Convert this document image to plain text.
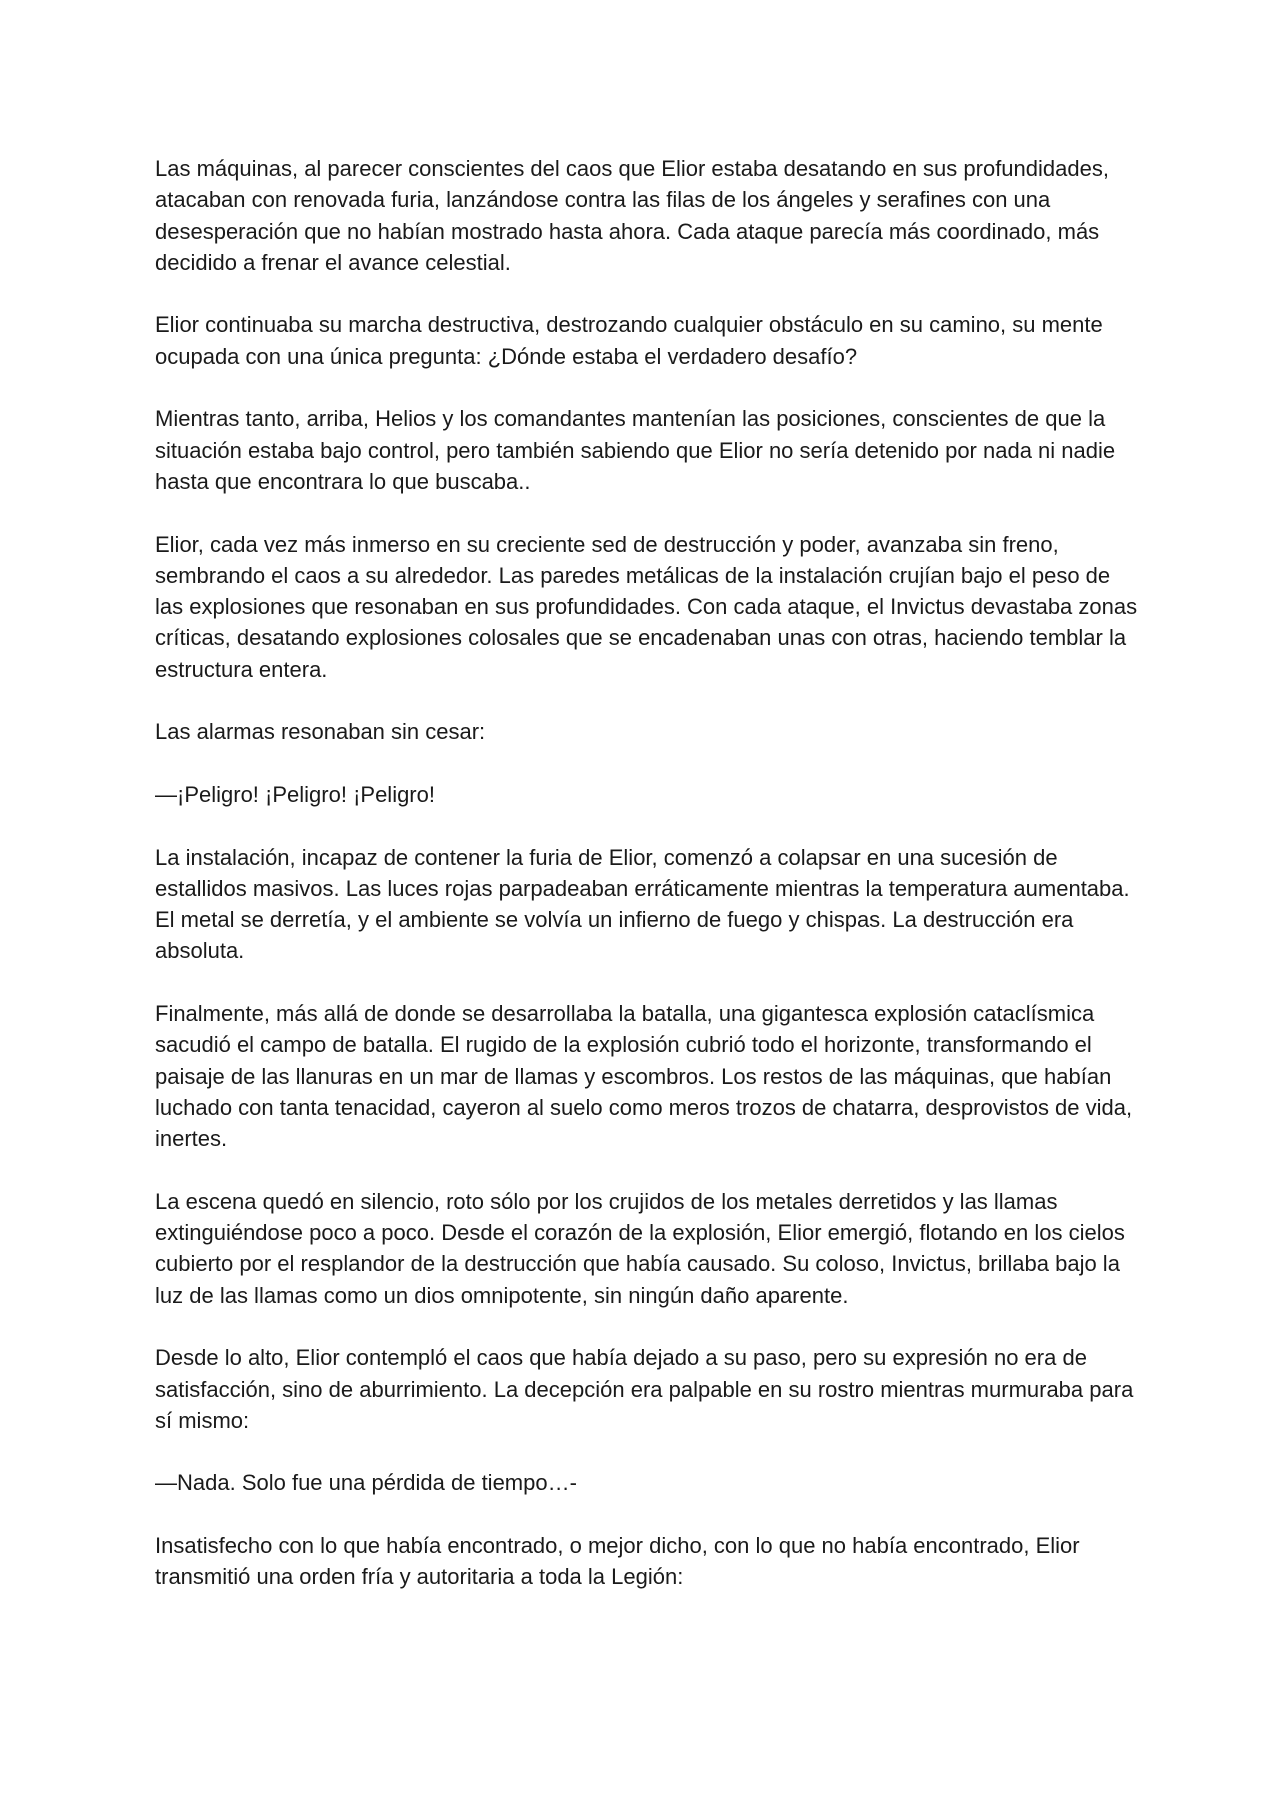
Las máquinas, al parecer conscientes del caos que Elior estaba desatando en sus profundidades, atacaban con renovada furia, lanzándose contra las filas de los ángeles y serafines con una desesperación que no habían mostrado hasta ahora. Cada ataque parecía más coordinado, más decidido a frenar el avance celestial.

Elior continuaba su marcha destructiva, destrozando cualquier obstáculo en su camino, su mente ocupada con una única pregunta: ¿Dónde estaba el verdadero desafío?

Mientras tanto, arriba, Helios y los comandantes mantenían las posiciones, conscientes de que la situación estaba bajo control, pero también sabiendo que Elior no sería detenido por nada ni nadie hasta que encontrara lo que buscaba..

Elior, cada vez más inmerso en su creciente sed de destrucción y poder, avanzaba sin freno, sembrando el caos a su alrededor. Las paredes metálicas de la instalación crujían bajo el peso de las explosiones que resonaban en sus profundidades. Con cada ataque, el Invictus devastaba zonas críticas, desatando explosiones colosales que se encadenaban unas con otras, haciendo temblar la estructura entera.

Las alarmas resonaban sin cesar:

—¡Peligro! ¡Peligro! ¡Peligro!

La instalación, incapaz de contener la furia de Elior, comenzó a colapsar en una sucesión de estallidos masivos. Las luces rojas parpadeaban erráticamente mientras la temperatura aumentaba. El metal se derretía, y el ambiente se volvía un infierno de fuego y chispas. La destrucción era absoluta.

Finalmente, más allá de donde se desarrollaba la batalla, una gigantesca explosión cataclísmica sacudió el campo de batalla. El rugido de la explosión cubrió todo el horizonte, transformando el paisaje de las llanuras en un mar de llamas y escombros. Los restos de las máquinas, que habían luchado con tanta tenacidad, cayeron al suelo como meros trozos de chatarra, desprovistos de vida, inertes.

La escena quedó en silencio, roto sólo por los crujidos de los metales derretidos y las llamas extinguiéndose poco a poco. Desde el corazón de la explosión, Elior emergió, flotando en los cielos cubierto por el resplandor de la destrucción que había causado. Su coloso, Invictus, brillaba bajo la luz de las llamas como un dios omnipotente, sin ningún daño aparente.

Desde lo alto, Elior contempló el caos que había dejado a su paso, pero su expresión no era de satisfacción, sino de aburrimiento. La decepción era palpable en su rostro mientras murmuraba para sí mismo:

—Nada. Solo fue una pérdida de tiempo…-

Insatisfecho con lo que había encontrado, o mejor dicho, con lo que no había encontrado, Elior transmitió una orden fría y autoritaria a toda la Legión:
